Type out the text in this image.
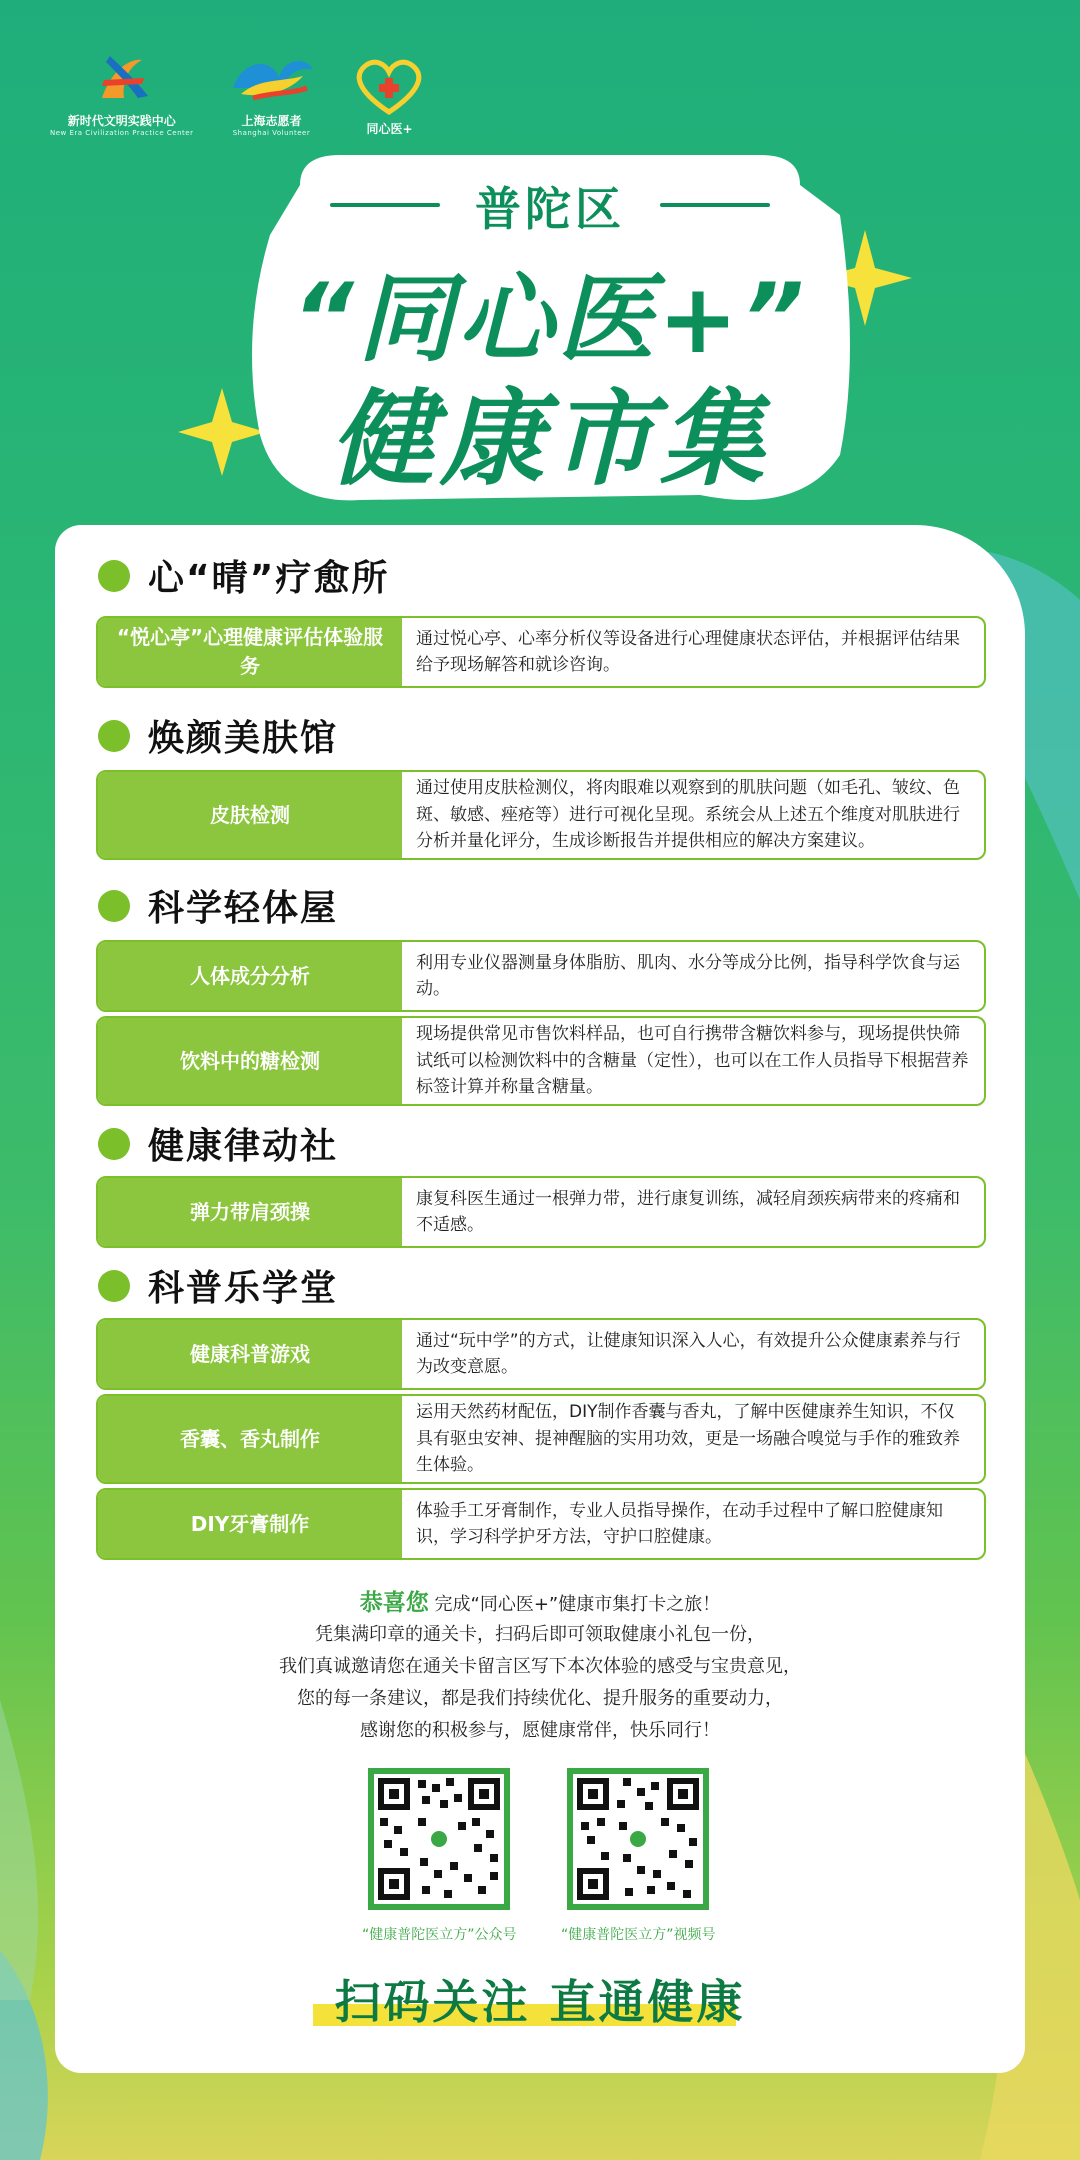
新时代文明实践中心
New Era Civilization Practice Center
上海志愿者
Shanghai Volunteer	同心医+
普陀区
“同心医+”
健康市集
心“晴”疗愈所
“悦心亭”心理健康评估体验服务
通过悦心亭、心率分析仪等设备进行心理健康状态评估，并根据评估结果给予现场解答和就诊咨询。
焕颜美肤馆
皮肤检测
通过使用皮肤检测仪，将肉眼难以观察到的肌肤问题（如毛孔、皱纹、色斑、敏感、痤疮等）进行可视化呈现。系统会从上述五个维度对肌肤进行分析并量化评分，生成诊断报告并提供相应的解决方案建议。
科学轻体屋
人体成分分析
利用专业仪器测量身体脂肪、肌肉、水分等成分比例，指导科学饮食与运动。
饮料中的糖检测
现场提供常见市售饮料样品，也可自行携带含糖饮料参与，现场提供快筛试纸可以检测饮料中的含糖量（定性），也可以在工作人员指导下根据营养标签计算并称量含糖量。
健康律动社
弹力带肩颈操
康复科医生通过一根弹力带，进行康复训练，减轻肩颈疾病带来的疼痛和不适感。
科普乐学堂
健康科普游戏
通过“玩中学”的方式，让健康知识深入人心，有效提升公众健康素养与行为改变意愿。
香囊、香丸制作
运用天然药材配伍，DIY制作香囊与香丸，了解中医健康养生知识，不仅具有驱虫安神、提神醒脑的实用功效，更是一场融合嗅觉与手作的雅致养生体验。
DIY牙膏制作
体验手工牙膏制作，专业人员指导操作，在动手过程中了解口腔健康知识，学习科学护牙方法，守护口腔健康。
恭喜您 完成“同心医+”健康市集打卡之旅！
凭集满印章的通关卡，扫码后即可领取健康小礼包一份，
我们真诚邀请您在通关卡留言区写下本次体验的感受与宝贵意见，
您的每一条建议，都是我们持续优化、提升服务的重要动力，
感谢您的积极参与，愿健康常伴，快乐同行！
“健康普陀医立方”公众号	“健康普陀医立方”视频号
扫码关注 直通健康
